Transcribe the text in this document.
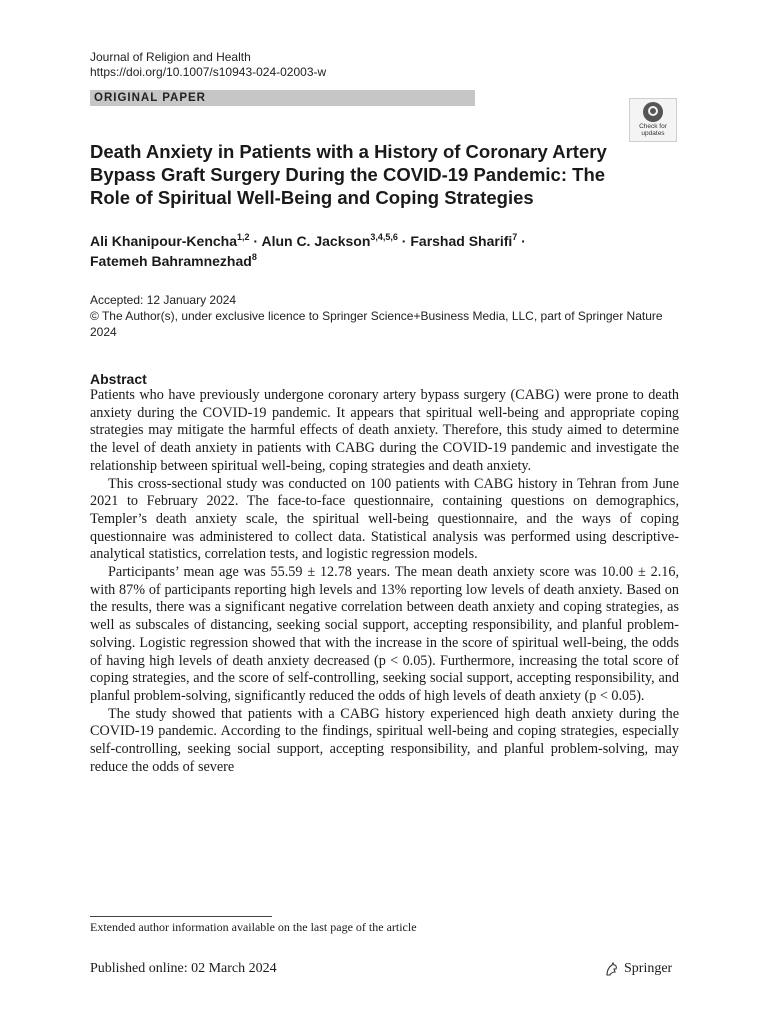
Journal of Religion and Health
https://doi.org/10.1007/s10943-024-02003-w
ORIGINAL PAPER
Check for
updates
Death Anxiety in Patients with a History of Coronary Artery Bypass Graft Surgery During the COVID-19 Pandemic: The Role of Spiritual Well-Being and Coping Strategies
Ali Khanipour-Kencha$^{1,2}$ · Alun C. Jackson$^{3,4,5,6}$ · Farshad Sharifi$^7$ ·
Fatemeh Bahramnezhad$^8$
Accepted: 12 January 2024
© The Author(s), under exclusive licence to Springer Science+Business Media, LLC, part of Springer Nature 2024
Abstract

Patients who have previously undergone coronary artery bypass surgery (CABG) were prone to death anxiety during the COVID-19 pandemic. It appears that spiritual well-being and appropriate coping strategies may mitigate the harmful effects of death anxiety. Therefore, this study aimed to determine the level of death anxiety in patients with CABG during the COVID-19 pandemic and investigate the relationship between spiritual well-being, coping strategies and death anxiety.

This cross-sectional study was conducted on 100 patients with CABG history in Tehran from June 2021 to February 2022. The face-to-face questionnaire, containing questions on demographics, Templer’s death anxiety scale, the spiritual well-being questionnaire, and the ways of coping questionnaire was administered to collect data. Statistical analysis was performed using descriptive-analytical statistics, correlation tests, and logistic regression models.

Participants’ mean age was 55.59 ± 12.78 years. The mean death anxiety score was 10.00 ± 2.16, with 87% of participants reporting high levels and 13% reporting low levels of death anxiety. Based on the results, there was a significant negative correlation between death anxiety and coping strategies, as well as subscales of distancing, seeking social support, accepting responsibility, and planful problem-solving. Logistic regression showed that with the increase in the score of spiritual well-being, the odds of having high levels of death anxiety decreased (p < 0.05). Furthermore, increasing the total score of coping strategies, and the score of self-controlling, seeking social support, accepting responsibility, and planful problem-solving, significantly reduced the odds of high levels of death anxiety (p < 0.05).

The study showed that patients with a CABG history experienced high death anxiety during the COVID-19 pandemic. According to the findings, spiritual well-being and coping strategies, especially self-controlling, seeking social support, accepting responsibility, and planful problem-solving, may reduce the odds of severe

Extended author information available on the last page of the article
Published online: 02 March 2024	Springer
